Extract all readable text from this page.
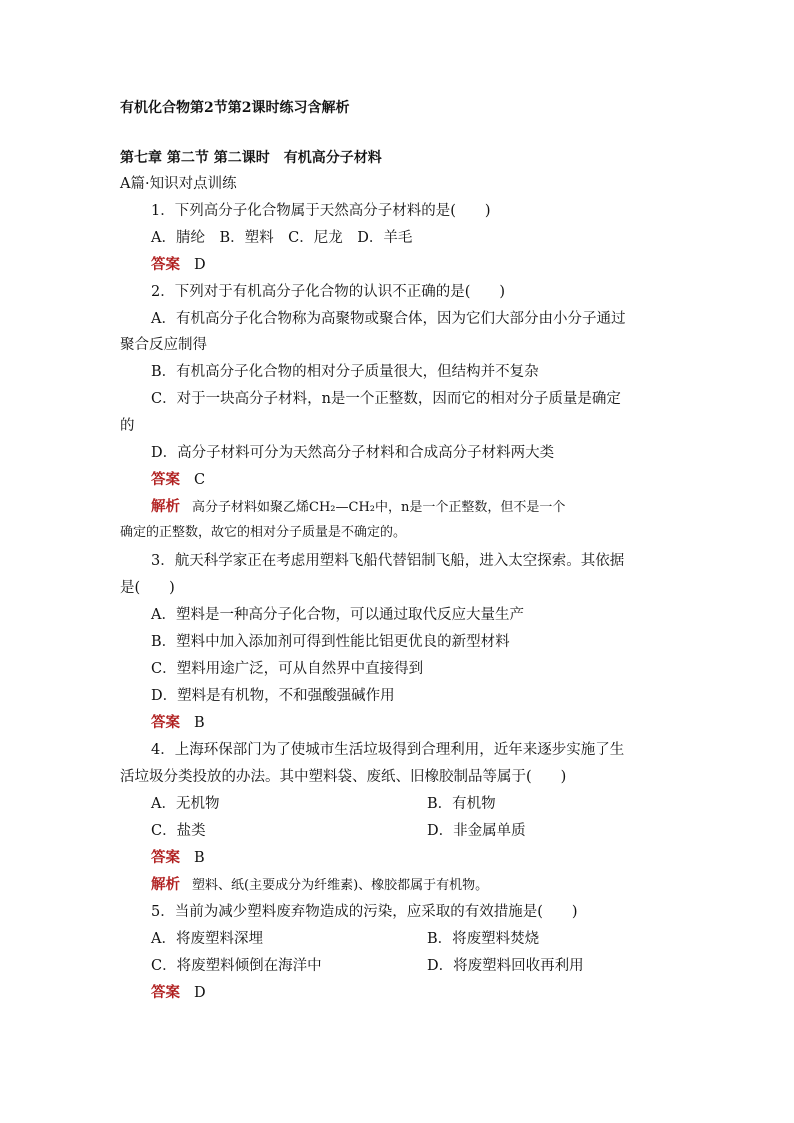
有机化合物第2节第2课时练习含解析
第七章 第二节 第二课时　有机高分子材料
A篇·知识对点训练
1．下列高分子化合物属于天然高分子材料的是(　　)
A．腈纶　B．塑料　C．尼龙　D．羊毛
答案 D
2．下列对于有机高分子化合物的认识不正确的是(　　)
A．有机高分子化合物称为高聚物或聚合体，因为它们大部分由小分子通过
聚合反应制得
B．有机高分子化合物的相对分子质量很大，但结构并不复杂
C．对于一块高分子材料，n是一个正整数，因而它的相对分子质量是确定
的
D．高分子材料可分为天然高分子材料和合成高分子材料两大类
答案 C
解析 高分子材料如聚乙烯CH₂—CH₂中，n是一个正整数，但不是一个
确定的正整数，故它的相对分子质量是不确定的。
3．航天科学家正在考虑用塑料飞船代替铝制飞船，进入太空探索。其依据
是(　　)
A．塑料是一种高分子化合物，可以通过取代反应大量生产
B．塑料中加入添加剂可得到性能比铝更优良的新型材料
C．塑料用途广泛，可从自然界中直接得到
D．塑料是有机物，不和强酸强碱作用
答案 B
4．上海环保部门为了使城市生活垃圾得到合理利用，近年来逐步实施了生
活垃圾分类投放的办法。其中塑料袋、废纸、旧橡胶制品等属于(　　)
A．无机物	B．有机物
C．盐类	D．非金属单质
答案 B
解析 塑料、纸(主要成分为纤维素)、橡胶都属于有机物。
5．当前为减少塑料废弃物造成的污染，应采取的有效措施是(　　)
A．将废塑料深埋	B．将废塑料焚烧
C．将废塑料倾倒在海洋中	D．将废塑料回收再利用
答案 D
